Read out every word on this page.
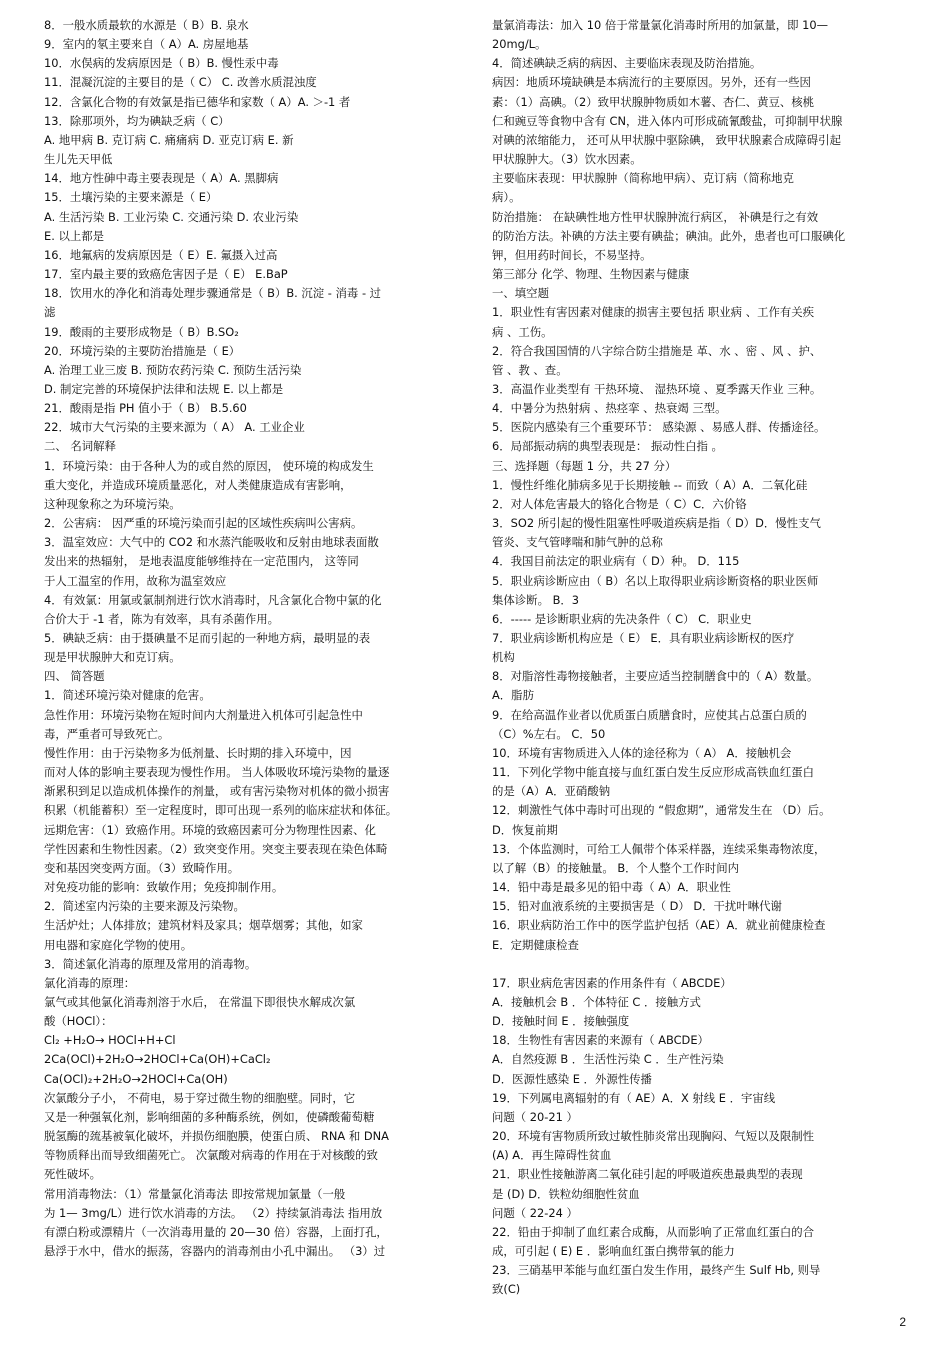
8．一般水质最软的水源是（ B）B. 泉水

9．室内的氡主要来自（ A）A. 房屋地基

10．水俣病的发病原因是（ B）B. 慢性汞中毒

11．混凝沉淀的主要目的是（ C） C. 改善水质混浊度

12．含氯化合物的有效氯是指已德华和家数（ A）A. ＞-1 者

13．除那项外，均为碘缺乏病（ C）

A. 地甲病 B. 克订病 C. 痛痛病 D. 亚克订病 E. 新

生儿先天甲低

14．地方性砷中毒主要表现是（ A）A. 黑脚病

15．土壤污染的主要来源是（ E）

A. 生活污染 B. 工业污染 C. 交通污染 D. 农业污染

E. 以上都是

16．地氟病的发病原因是（ E）E. 氟摄入过高

17．室内最主要的致癌危害因子是（ E） E.BaP

18．饮用水的净化和消毒处理步骤通常是（ B）B. 沉淀 - 消毒 - 过

滤

19．酸雨的主要形成物是（ B）B.SO₂

20．环境污染的主要防治措施是（ E）

A. 治理工业三废 B. 预防农药污染 C. 预防生活污染

D. 制定完善的环境保护法律和法规 E. 以上都是

21．酸雨是指 PH 值小于（ B） B.5.60

22．城市大气污染的主要来源为（ A） A. 工业企业

二、 名词解释

1．环境污染：由于各种人为的或自然的原因， 使环境的构成发生

重大变化，并造成环境质量恶化，对人类健康造成有害影响，

这种现象称之为环境污染。

2．公害病： 因严重的环境污染而引起的区域性疾病叫公害病。

3．温室效应：大气中的 CO2 和水蒸汽能吸收和反射由地球表面散

发出来的热辐射， 是地表温度能够维持在一定范围内， 这等同

于人工温室的作用，故称为温室效应

4．有效氯：用氯或氯制剂进行饮水消毒时，凡含氯化合物中氯的化

合价大于 -1 者，陈为有效率，具有杀菌作用。

5．碘缺乏病：由于摄碘量不足而引起的一种地方病，最明显的表

现是甲状腺肿大和克订病。

四、 简答题

1．简述环境污染对健康的危害。

急性作用：环境污染物在短时间内大剂量进入机体可引起急性中

毒，严重者可导致死亡。

慢性作用：由于污染物多为低剂量、长时期的排入环境中，因

而对人体的影响主要表现为慢性作用。 当人体吸收环境污染物的量逐

渐累积到足以造成机体操作的剂量， 或有害污染物对机体的微小损害

积累（机能蓄积）至一定程度时，即可出现一系列的临床症状和体征。

远期危害：（1）致癌作用。环境的致癌因素可分为物理性因素、化

学性因素和生物性因素。（2）致突变作用。突变主要表现在染色体畸

变和基因突变两方面。（3）致畸作用。

对免疫功能的影响：致敏作用；免疫抑制作用。

2．简述室内污染的主要来源及污染物。

生活炉灶；人体排放；建筑材料及家具；烟草烟雾；其他，如家

用电器和家庭化学物的使用。

3．简述氯化消毒的原理及常用的消毒物。

氯化消毒的原理：

氯气或其他氯化消毒剂溶于水后， 在常温下即很快水解成次氯

酸（HOCl）：

Cl₂ +H₂O→ HOCl+H+Cl

2Ca(OCl)+2H₂O→2HOCl+Ca(OH)+CaCl₂

Ca(OCl)₂+2H₂O→2HOCl+Ca(OH)

次氯酸分子小， 不荷电，易于穿过微生物的细胞壁。同时，它

又是一种强氧化剂，影响细菌的多种酶系统，例如，使磷酸葡萄糖

脱氢酶的巯基被氧化破坏，并损伤细胞膜，使蛋白质、 RNA 和 DNA

等物质释出而导致细菌死亡。 次氯酸对病毒的作用在于对核酸的致

死性破坏。

常用消毒物法：（1）常量氯化消毒法 即按常规加氯量（一般

为 1— 3mg/L）进行饮水消毒的方法。 （2）持续氯消毒法 指用放

有漂白粉或漂精片（一次消毒用量的 20—30 倍）容器，上面打孔，

悬浮于水中，借水的振荡，容器内的消毒剂由小孔中漏出。 （3）过

量氯消毒法：加入 10 倍于常量氯化消毒时所用的加氯量，即 10—

20mg/L。

4．简述碘缺乏病的病因、主要临床表现及防治措施。

病因：地质环境缺碘是本病流行的主要原因。另外，还有一些因

素：（1）高碘。（2）致甲状腺肿物质如木薯、杏仁、黄豆、核桃

仁和豌豆等食物中含有 CN，进入体内可形成硫氰酸盐，可抑制甲状腺

对碘的浓缩能力， 还可从甲状腺中驱除碘， 致甲状腺素合成障碍引起

甲状腺肿大。（3）饮水因素。

主要临床表现：甲状腺肿（简称地甲病）、克订病（简称地克

病）。

防治措施： 在缺碘性地方性甲状腺肿流行病区， 补碘是行之有效

的防治方法。补碘的方法主要有碘盐；碘油。此外，患者也可口服碘化

钾，但用药时间长，不易坚持。

第三部分 化学、物理、生物因素与健康

一、填空题

1．职业性有害因素对健康的损害主要包括 职业病 、工作有关疾

病 、工伤。

2．符合我国国情的八字综合防尘措施是 革、水 、密 、风 、护、

管 、教 、查。

3．高温作业类型有 干热环境、 湿热环境 、夏季露天作业 三种。

4．中暑分为热射病 、热痉挛 、热衰竭 三型。

5．医院内感染有三个重要环节： 感染源 、易感人群、传播途径。

6．局部振动病的典型表现是： 振动性白指 。

三、选择题（每题 1 分，共 27 分）

1．慢性纤维化肺病多见于长期接触 -- 而致（ A）A．二氧化硅

2．对人体危害最大的铬化合物是（ C）C．六价铬

3．SO2 所引起的慢性阻塞性呼吸道疾病是指（ D）D．慢性支气

管炎、支气管哮喘和肺气肿的总称

4．我国目前法定的职业病有（ D）种。 D．115

5．职业病诊断应由（ B）名以上取得职业病诊断资格的职业医师

集体诊断。 B．3

6．----- 是诊断职业病的先决条件（ C） C．职业史

7．职业病诊断机构应是（ E） E．具有职业病诊断权的医疗

机构

8．对脂溶性毒物接触者，主要应适当控制膳食中的（ A）数量。

A．脂肪

9．在给高温作业者以优质蛋白质膳食时，应使其占总蛋白质的

（C）%左右。 C．50

10．环境有害物质进入人体的途径称为（ A） A．接触机会

11．下列化学物中能直接与血红蛋白发生反应形成高铁血红蛋白

的是（A）A．亚硝酸钠

12．刺激性气体中毒时可出现的 “假愈期”，通常发生在 （D）后。

D．恢复前期

13．个体监测时，可给工人佩带个体采样器，连续采集毒物浓度，

以了解（B）的接触量。 B．个人整个工作时间内

14．铅中毒是最多见的铅中毒（ A）A．职业性

15．铅对血液系统的主要损害是（ D） D．干扰叶啉代谢

16．职业病防治工作中的医学监护包括（AE）A．就业前健康检查

E．定期健康检查

17．职业病危害因素的作用条件有（ ABCDE）

A．接触机会 B ．个体特征 C ．接触方式

D．接触时间 E ．接触强度

18．生物性有害因素的来源有（ ABCDE）

A．自然疫源 B ．生活性污染 C ．生产性污染

D．医源性感染 E ．外源性传播

19．下列属电离辐射的有（ AE）A．X 射线 E ．宇宙线

问题（ 20-21 ）

20．环境有害物质所致过敏性肺炎常出现胸闷、气短以及限制性

(A) A．再生障碍性贫血

21．职业性接触游离二氧化硅引起的呼吸道疾患最典型的表现

是 (D) D．铁粒幼细胞性贫血

问题（ 22-24 ）

22．铅由于抑制了血红素合成酶，从而影响了正常血红蛋白的合

成，可引起 ( E) E ．影响血红蛋白携带氧的能力

23．三硝基甲苯能与血红蛋白发生作用，最终产生 Sulf Hb, 则导

致(C)

2
